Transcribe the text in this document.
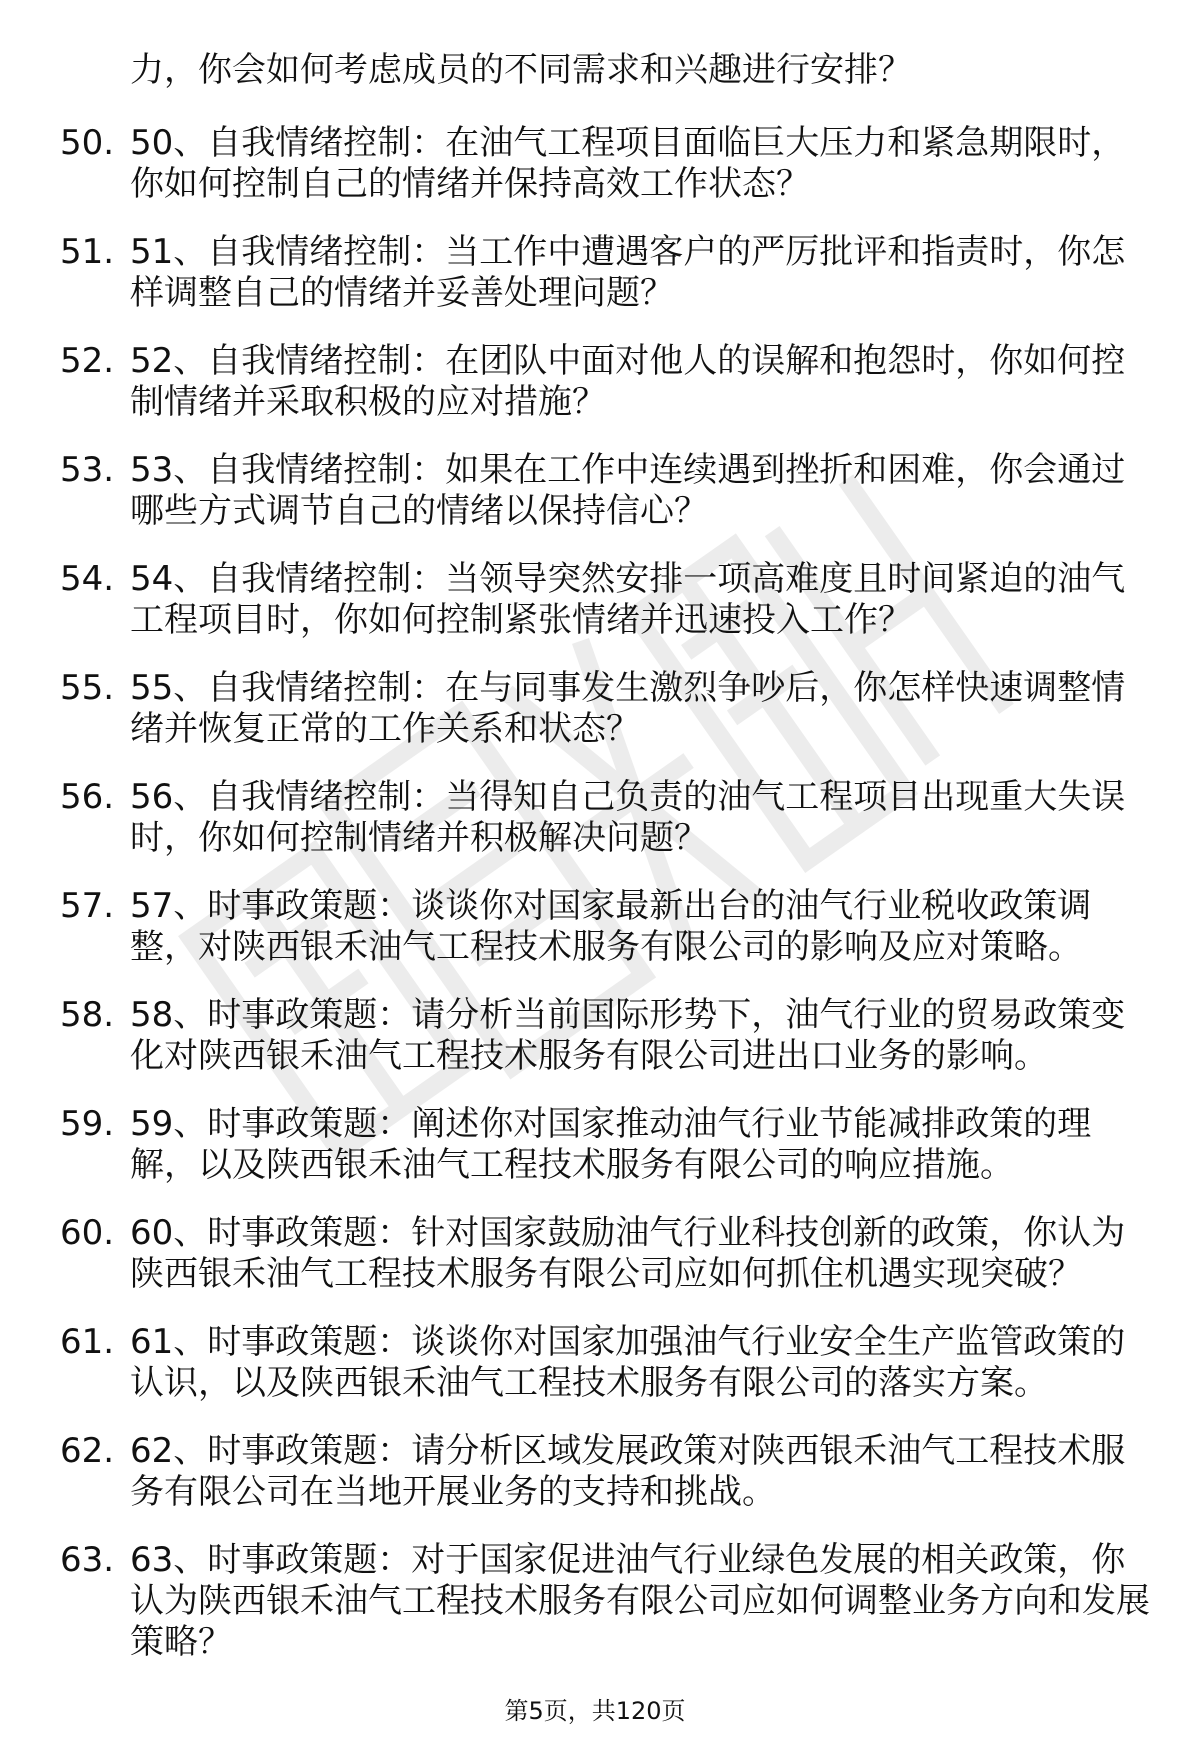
力，你会如何考虑成员的不同需求和兴趣进行安排？

50. 50、自我情绪控制：在油气工程项目面临巨大压力和紧急期限时，你如何控制自己的情绪并保持高效工作状态？
51. 51、自我情绪控制：当工作中遭遇客户的严厉批评和指责时，你怎样调整自己的情绪并妥善处理问题？
52. 52、自我情绪控制：在团队中面对他人的误解和抱怨时，你如何控制情绪并采取积极的应对措施？
53. 53、自我情绪控制：如果在工作中连续遇到挫折和困难，你会通过哪些方式调节自己的情绪以保持信心？
54. 54、自我情绪控制：当领导突然安排一项高难度且时间紧迫的油气工程项目时，你如何控制紧张情绪并迅速投入工作？
55. 55、自我情绪控制：在与同事发生激烈争吵后，你怎样快速调整情绪并恢复正常的工作关系和状态？
56. 56、自我情绪控制：当得知自己负责的油气工程项目出现重大失误时，你如何控制情绪并积极解决问题？
57. 57、时事政策题：谈谈你对国家最新出台的油气行业税收政策调整，对陕西银禾油气工程技术服务有限公司的影响及应对策略。
58. 58、时事政策题：请分析当前国际形势下，油气行业的贸易政策变化对陕西银禾油气工程技术服务有限公司进出口业务的影响。
59. 59、时事政策题：阐述你对国家推动油气行业节能减排政策的理解，以及陕西银禾油气工程技术服务有限公司的响应措施。
60. 60、时事政策题：针对国家鼓励油气行业科技创新的政策，你认为陕西银禾油气工程技术服务有限公司应如何抓住机遇实现突破？
61. 61、时事政策题：谈谈你对国家加强油气行业安全生产监管政策的认识，以及陕西银禾油气工程技术服务有限公司的落实方案。
62. 62、时事政策题：请分析区域发展政策对陕西银禾油气工程技术服务有限公司在当地开展业务的支持和挑战。
63. 63、时事政策题：对于国家促进油气行业绿色发展的相关政策，你认为陕西银禾油气工程技术服务有限公司应如何调整业务方向和发展策略？
第5页，共120页
